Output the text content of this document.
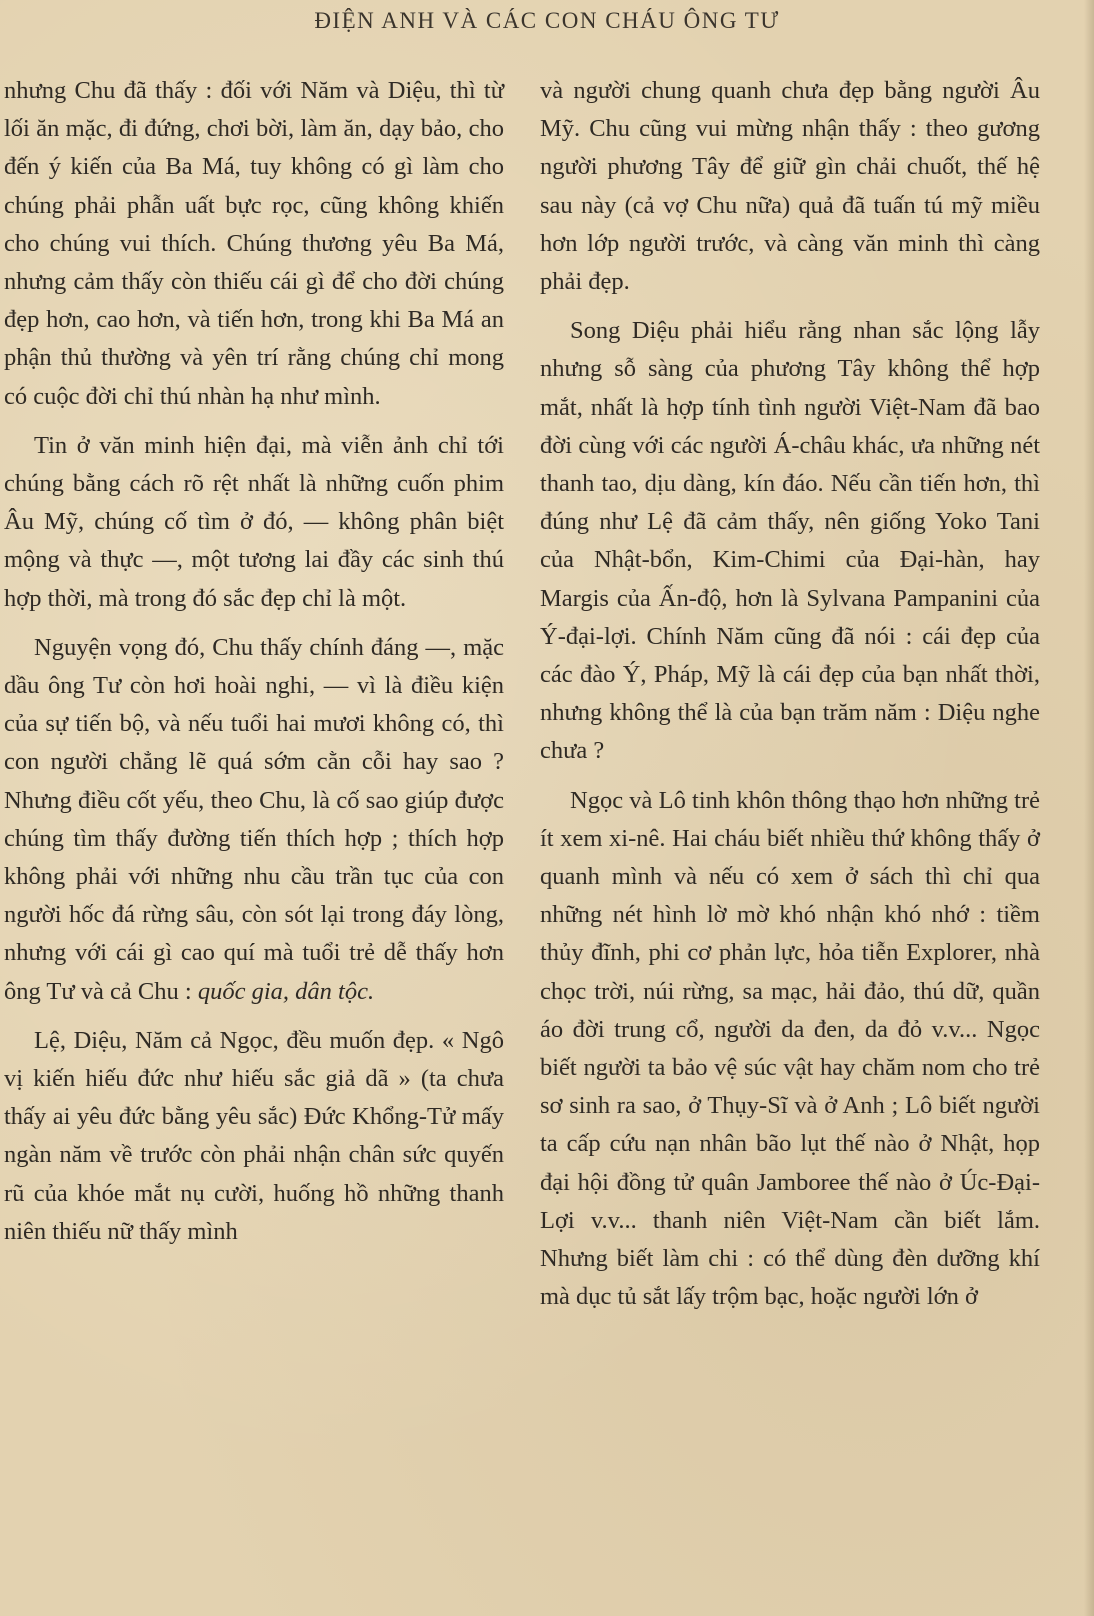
ĐIỆN ANH VÀ CÁC CON CHÁU ÔNG TƯ

nhưng Chu đã thấy : đối với Năm và Diệu, thì từ lối ăn mặc, đi đứng, chơi bời, làm ăn, dạy bảo, cho đến ý kiến của Ba Má, tuy không có gì làm cho chúng phải phẫn uất bực rọc, cũng không khiến cho chúng vui thích. Chúng thương yêu Ba Má, nhưng cảm thấy còn thiếu cái gì để cho đời chúng đẹp hơn, cao hơn, và tiến hơn, trong khi Ba Má an phận thủ thường và yên trí rằng chúng chỉ mong có cuộc đời chỉ thú nhàn hạ như mình.

Tin ở văn minh hiện đại, mà viễn ảnh chỉ tới chúng bằng cách rõ rệt nhất là những cuốn phim Âu Mỹ, chúng cố tìm ở đó, — không phân biệt mộng và thực —, một tương lai đầy các sinh thú hợp thời, mà trong đó sắc đẹp chỉ là một.

Nguyện vọng đó, Chu thấy chính đáng —, mặc dầu ông Tư còn hơi hoài nghi, — vì là điều kiện của sự tiến bộ, và nếu tuổi hai mươi không có, thì con người chẳng lẽ quá sớm cằn cỗi hay sao ? Nhưng điều cốt yếu, theo Chu, là cố sao giúp được chúng tìm thấy đường tiến thích hợp ; thích hợp không phải với những nhu cầu trần tục của con người hốc đá rừng sâu, còn sót lại trong đáy lòng, nhưng với cái gì cao quí mà tuổi trẻ dễ thấy hơn ông Tư và cả Chu : quốc gia, dân tộc.

Lệ, Diệu, Năm cả Ngọc, đều muốn đẹp. « Ngô vị kiến hiếu đức như hiếu sắc giả dã » (ta chưa thấy ai yêu đức bằng yêu sắc) Đức Khổng-Tử mấy ngàn năm về trước còn phải nhận chân sức quyến rũ của khóe mắt nụ cười, huống hồ những thanh niên thiếu nữ thấy mình

và người chung quanh chưa đẹp bằng người Âu Mỹ. Chu cũng vui mừng nhận thấy : theo gương người phương Tây để giữ gìn chải chuốt, thế hệ sau này (cả vợ Chu nữa) quả đã tuấn tú mỹ miều hơn lớp người trước, và càng văn minh thì càng phải đẹp.

Song Diệu phải hiểu rằng nhan sắc lộng lẫy nhưng sỗ sàng của phương Tây không thể hợp mắt, nhất là hợp tính tình người Việt-Nam đã bao đời cùng với các người Á-châu khác, ưa những nét thanh tao, dịu dàng, kín đáo. Nếu cần tiến hơn, thì đúng như Lệ đã cảm thấy, nên giống Yoko Tani của Nhật-bổn, Kim-Chimi của Đại-hàn, hay Margis của Ấn-độ, hơn là Sylvana Pampanini của Ý-đại-lợi. Chính Năm cũng đã nói : cái đẹp của các đào Ý, Pháp, Mỹ là cái đẹp của bạn nhất thời, nhưng không thể là của bạn trăm năm : Diệu nghe chưa ?

Ngọc và Lô tinh khôn thông thạo hơn những trẻ ít xem xi-nê. Hai cháu biết nhiều thứ không thấy ở quanh mình và nếu có xem ở sách thì chỉ qua những nét hình lờ mờ khó nhận khó nhớ : tiềm thủy đĩnh, phi cơ phản lực, hỏa tiễn Explorer, nhà chọc trời, núi rừng, sa mạc, hải đảo, thú dữ, quần áo đời trung cổ, người da đen, da đỏ v.v... Ngọc biết người ta bảo vệ súc vật hay chăm nom cho trẻ sơ sinh ra sao, ở Thụy-Sĩ và ở Anh ; Lô biết người ta cấp cứu nạn nhân bão lụt thế nào ở Nhật, họp đại hội đồng tử quân Jamboree thế nào ở Úc-Đại-Lợi v.v... thanh niên Việt-Nam cần biết lắm. Nhưng biết làm chi : có thể dùng đèn dưỡng khí mà dục tủ sắt lấy trộm bạc, hoặc người lớn ở
